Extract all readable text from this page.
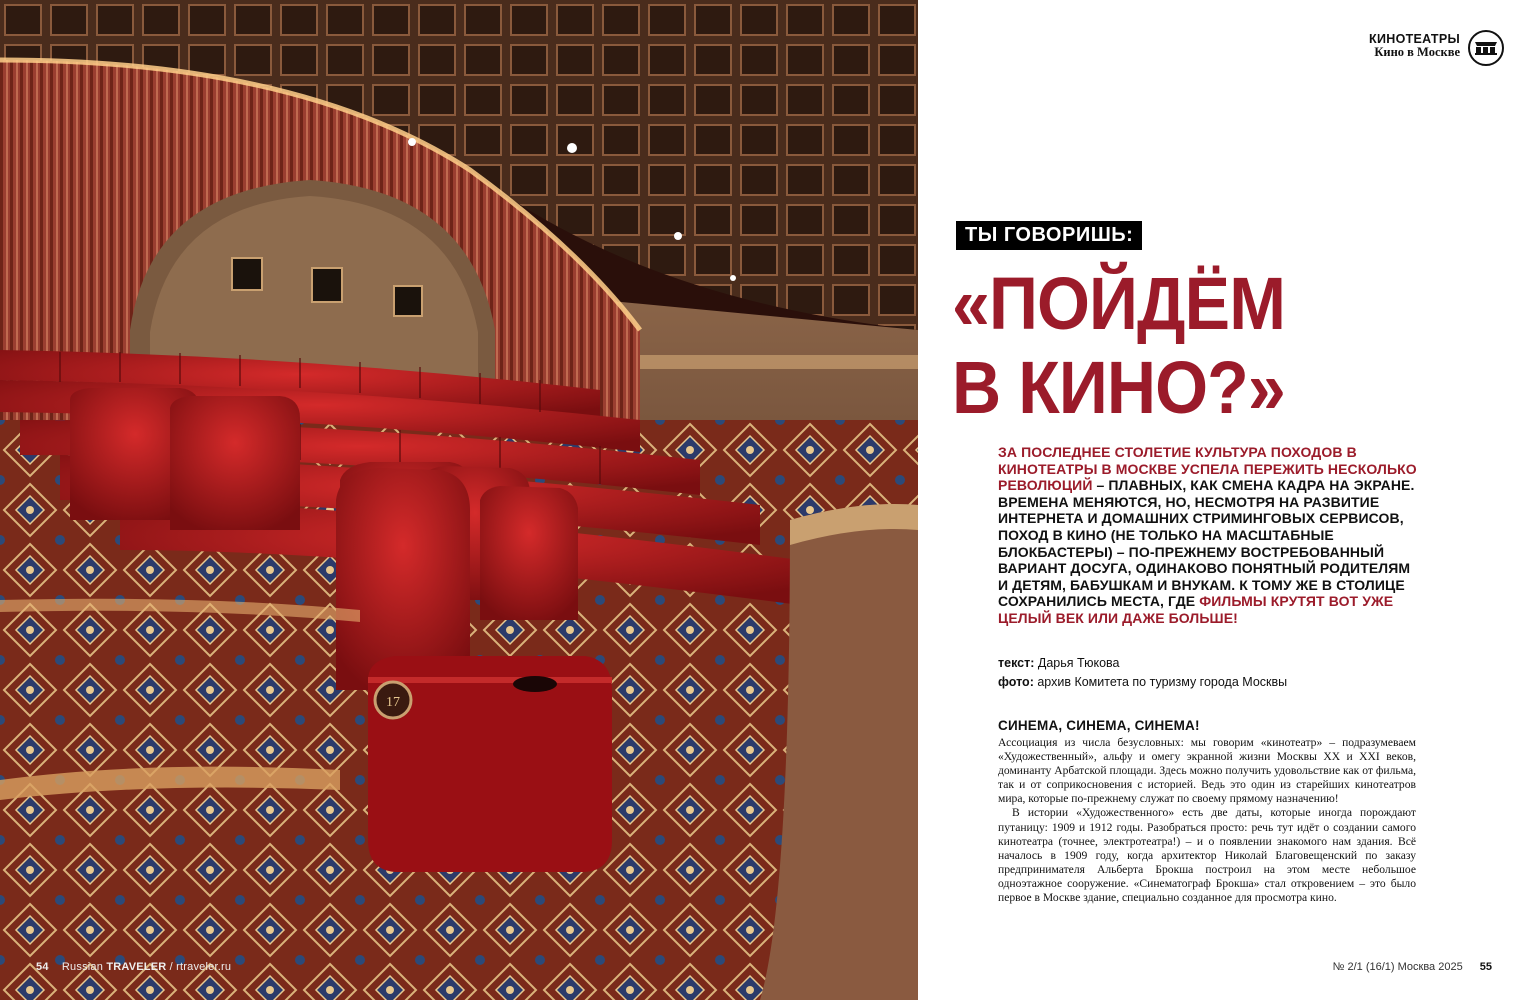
17
54 Russian TRAVELER / rtraveler.ru
КИНОТЕАТРЫ
Кино в Москве
ТЫ ГОВОРИШЬ:
«ПОЙДЁМ
В КИНО?»
ЗА ПОСЛЕДНЕЕ СТОЛЕТИЕ КУЛЬТУРА ПОХОДОВ В КИНОТЕАТРЫ В МОСКВЕ УСПЕЛА ПЕРЕЖИТЬ НЕСКОЛЬКО РЕВОЛЮЦИЙ – ПЛАВНЫХ, КАК СМЕНА КАДРА НА ЭКРАНЕ. ВРЕМЕНА МЕНЯЮТСЯ, НО, НЕСМОТРЯ НА РАЗВИТИЕ ИНТЕРНЕТА И ДОМАШНИХ СТРИМИНГОВЫХ СЕРВИСОВ, ПОХОД В КИНО (НЕ ТОЛЬКО НА МАСШТАБНЫЕ БЛОКБАСТЕРЫ) – ПО-ПРЕЖНЕМУ ВОСТРЕБОВАННЫЙ ВАРИАНТ ДОСУГА, ОДИНАКОВО ПОНЯТНЫЙ РОДИТЕЛЯМ И ДЕТЯМ, БАБУШКАМ И ВНУКАМ. К ТОМУ ЖЕ В СТОЛИЦЕ СОХРАНИЛИСЬ МЕСТА, ГДЕ ФИЛЬМЫ КРУТЯТ ВОТ УЖЕ ЦЕЛЫЙ ВЕК ИЛИ ДАЖЕ БОЛЬШЕ!
текст: Дарья Тюкова
фото: архив Комитета по туризму города Москвы
СИНЕМА, СИНЕМА, СИНЕМА!

Ассоциация из числа безусловных: мы говорим «кинотеатр» – подразумеваем «Художественный», альфу и омегу экранной жизни Москвы XX и XXI веков, доминанту Арбатской площади. Здесь можно получить удовольствие как от фильма, так и от соприкосновения с историей. Ведь это один из старейших кинотеатров мира, которые по-прежнему служат по своему прямому назначению!

В истории «Художественного» есть две даты, которые иногда порождают путаницу: 1909 и 1912 годы. Разобраться просто: речь тут идёт о создании самого кинотеатра (точнее, электротеатра!) – и о появлении знакомого нам здания. Всё началось в 1909 году, когда архитектор Николай Благовещенский по заказу предпринимателя Альберта Брокша построил на этом месте небольшое одноэтажное сооружение. «Синематограф Брокша» стал откровением – это было первое в Москве здание, специально созданное для просмотра кино.

№ 2/1 (16/1) Москва 2025 55
